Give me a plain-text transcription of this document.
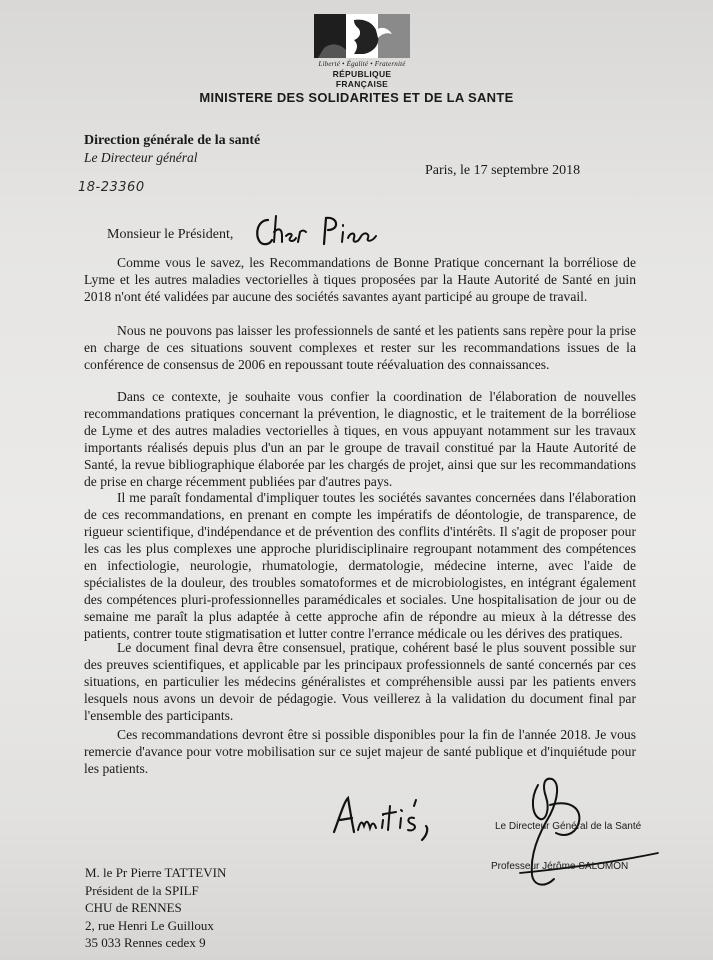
Liberté • Égalité • Fraternité
RÉPUBLIQUE FRANÇAISE
MINISTERE DES SOLIDARITES ET DE LA SANTE
Direction générale de la santé
Le Directeur général
Paris, le 17 septembre 2018
18-23360
Monsieur le Président,

Comme vous le savez, les Recommandations de Bonne Pratique concernant la borréliose de Lyme et les autres maladies vectorielles à tiques proposées par la Haute Autorité de Santé en juin 2018 n'ont été validées par aucune des sociétés savantes ayant participé au groupe de travail.

Nous ne pouvons pas laisser les professionnels de santé et les patients sans repère pour la prise en charge de ces situations souvent complexes et rester sur les recommandations issues de la conférence de consensus de 2006 en repoussant toute réévaluation des connaissances.

Dans ce contexte, je souhaite vous confier la coordination de l'élaboration de nouvelles recommandations pratiques concernant la prévention, le diagnostic, et le traitement de la borréliose de Lyme et des autres maladies vectorielles à tiques, en vous appuyant notamment sur les travaux importants réalisés depuis plus d'un an par le groupe de travail constitué par la Haute Autorité de Santé, la revue bibliographique élaborée par les chargés de projet, ainsi que sur les recommandations de prise en charge récemment publiées par d'autres pays.

Il me paraît fondamental d'impliquer toutes les sociétés savantes concernées dans l'élaboration de ces recommandations, en prenant en compte les impératifs de déontologie, de transparence, de rigueur scientifique, d'indépendance et de prévention des conflits d'intérêts. Il s'agit de proposer pour les cas les plus complexes une approche pluridisciplinaire regroupant notamment des compétences en infectiologie, neurologie, rhumatologie, dermatologie, médecine interne, avec l'aide de spécialistes de la douleur, des troubles somatoformes et de microbiologistes, en intégrant également des compétences pluri-professionnelles paramédicales et sociales. Une hospitalisation de jour ou de semaine me paraît la plus adaptée à cette approche afin de répondre au mieux à la détresse des patients, contrer toute stigmatisation et lutter contre l'errance médicale ou les dérives des pratiques.

Le document final devra être consensuel, pratique, cohérent basé le plus souvent possible sur des preuves scientifiques, et applicable par les principaux professionnels de santé concernés par ces situations, en particulier les médecins généralistes et compréhensible aussi par les patients envers lesquels nous avons un devoir de pédagogie. Vous veillerez à la validation du document final par l'ensemble des participants.

Ces recommandations devront être si possible disponibles pour la fin de l'année 2018. Je vous remercie d'avance pour votre mobilisation sur ce sujet majeur de santé publique et d'inquiétude pour les patients.

Le Directeur Général de la Santé
Professeur Jérôme SALOMON
M. le Pr Pierre TATTEVIN
Président de la SPILF
CHU de RENNES
2, rue Henri Le Guilloux
35 033 Rennes cedex 9
